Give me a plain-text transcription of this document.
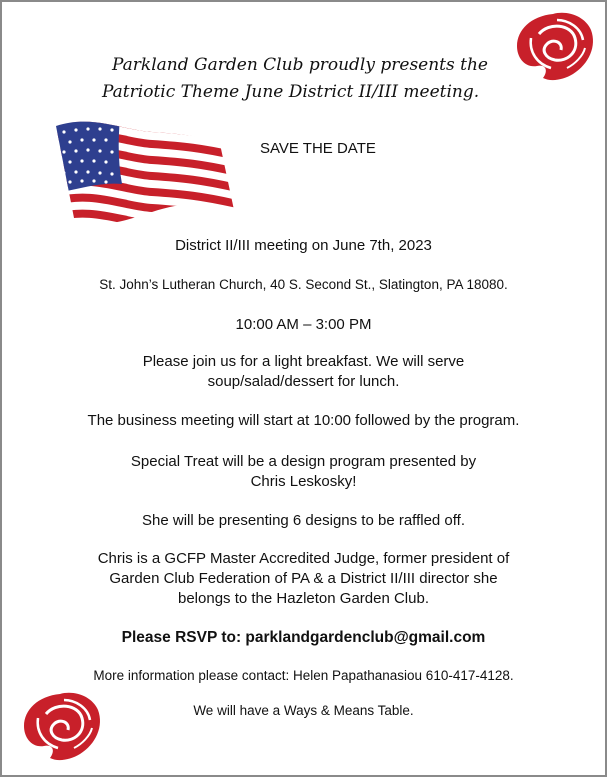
Parkland Garden Club proudly presents the
Patriotic Theme June District II/III meeting.
SAVE THE DATE
District II/III meeting on June 7th, 2023
St. John’s Lutheran Church, 40 S. Second St., Slatington, PA 18080.
10:00 AM – 3:00 PM
Please join us for a light breakfast. We will serve
soup/salad/dessert for lunch.
The business meeting will start at 10:00 followed by the program.
Special Treat will be a design program presented by
Chris Leskosky!
She will be presenting 6 designs to be raffled off.
Chris is a GCFP Master Accredited Judge, former president of
Garden Club Federation of PA & a District II/III director she
belongs to the Hazleton Garden Club.
Please RSVP to: parklandgardenclub@gmail.com
More information please contact: Helen Papathanasiou 610-417-4128.
We will have a Ways & Means Table.
